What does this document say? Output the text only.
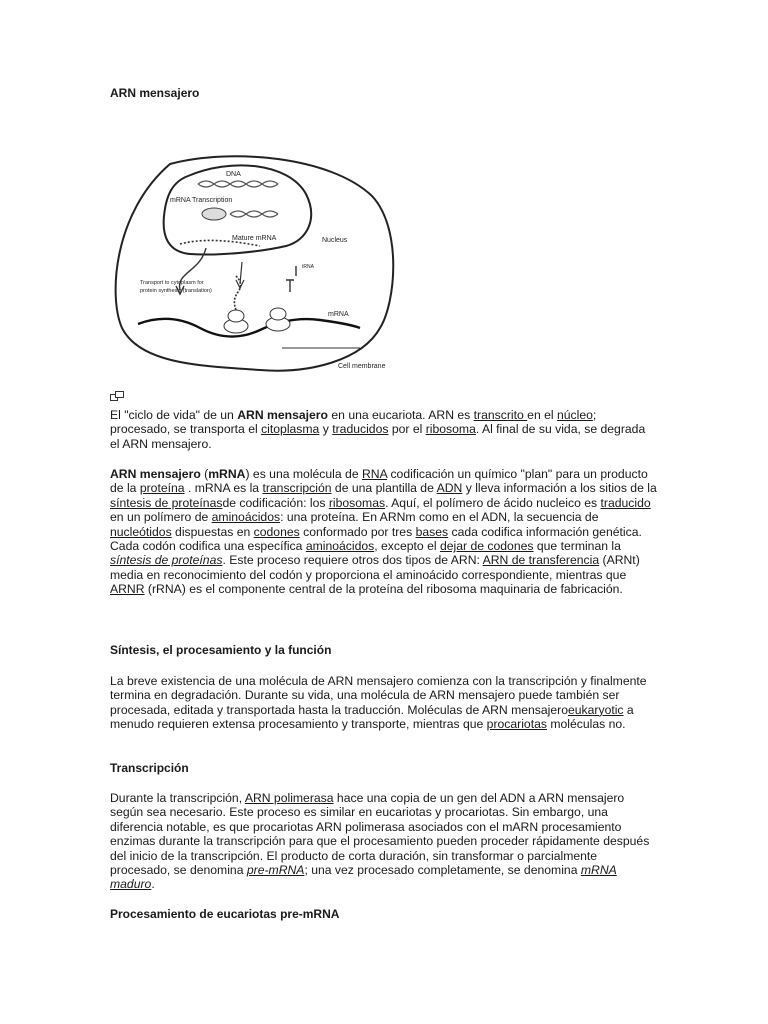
ARN mensajero
DNA
mRNA Transcription
Mature mRNA	Nucleus
Transport to cytoplasm for
protein synthesis (translation)
tRNA
mRNA
Cell membrane

El "ciclo de vida" de un ARN mensajero en una eucariota. ARN es transcrito en el núcleo; procesado, se transporta el citoplasma y traducidos por el ribosoma. Al final de su vida, se degrada el ARN mensajero.

ARN mensajero (mRNA) es una molécula de RNA codificación un químico "plan" para un producto de la proteína . mRNA es la transcripción de una plantilla de ADN y lleva información a los sitios de la síntesis de proteínasde codificación: los ribosomas. Aquí, el polímero de ácido nucleico es traducido en un polímero de aminoácidos: una proteína. En ARNm como en el ADN, la secuencia de nucleótidos dispuestas en codones conformado por tres bases cada codifica información genética. Cada codón codifica una específica aminoácidos, excepto el dejar de codones que terminan la síntesis de proteínas. Este proceso requiere otros dos tipos de ARN: ARN de transferencia (ARNt) media en reconocimiento del codón y proporciona el aminoácido correspondiente, mientras que ARNR (rRNA) es el componente central de la proteína del ribosoma maquinaria de fabricación.

Síntesis, el procesamiento y la función

La breve existencia de una molécula de ARN mensajero comienza con la transcripción y finalmente termina en degradación. Durante su vida, una molécula de ARN mensajero puede también ser procesada, editada y transportada hasta la traducción. Moléculas de ARN mensajeroeukaryotic a menudo requieren extensa procesamiento y transporte, mientras que procariotas moléculas no.

Transcripción

Durante la transcripción, ARN polimerasa hace una copia de un gen del ADN a ARN mensajero según sea necesario. Este proceso es similar en eucariotas y procariotas. Sin embargo, una diferencia notable, es que procariotas ARN polimerasa asociados con el mARN procesamiento enzimas durante la transcripción para que el procesamiento pueden proceder rápidamente después del inicio de la transcripción. El producto de corta duración, sin transformar o parcialmente procesado, se denomina pre-mRNA; una vez procesado completamente, se denomina mRNA maduro.

Procesamiento de eucariotas pre-mRNA
